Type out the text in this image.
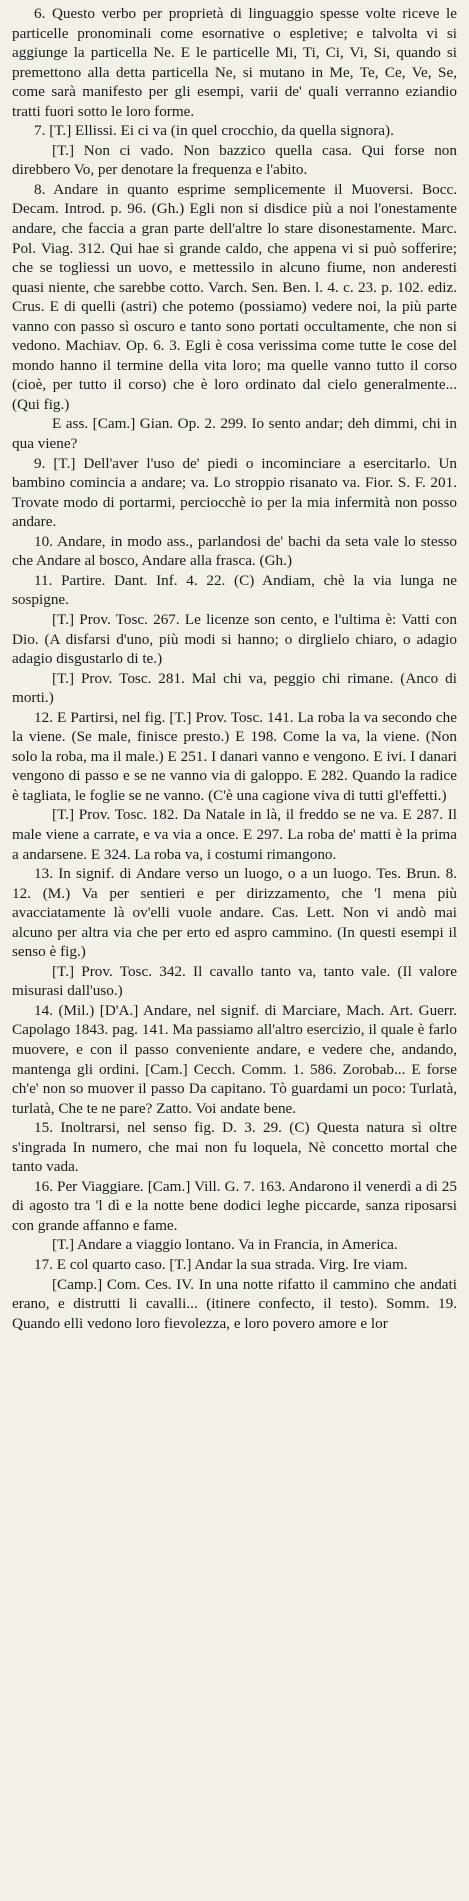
6. Questo verbo per proprietà di linguaggio spesse volte riceve le particelle pronominali come esornative o espletive; e talvolta vi si aggiunge la particella Ne. E le particelle Mi, Ti, Ci, Vi, Si, quando si premettono alla detta particella Ne, si mutano in Me, Te, Ce, Ve, Se, come sarà manifesto per gli esempi, varii de' quali verranno eziandio tratti fuori sotto le loro forme.

7. [T.] Ellissi. Ei ci va (in quel crocchio, da quella signora).

[T.] Non ci vado. Non bazzico quella casa. Qui forse non direbbero Vo, per denotare la frequenza e l'abito.

8. Andare in quanto esprime semplicemente il Muoversi. Bocc. Decam. Introd. p. 96. (Gh.) Egli non si disdice più a noi l'onestamente andare, che faccia a gran parte dell'altre lo stare disonestamente. Marc. Pol. Viag. 312. Qui hae sì grande caldo, che appena vi si può sofferire; che se togliessi un uovo, e mettessilo in alcuno fiume, non anderesti quasi niente, che sarebbe cotto. Varch. Sen. Ben. l. 4. c. 23. p. 102. ediz. Crus. E di quelli (astri) che potemo (possiamo) vedere noi, la più parte vanno con passo sì oscuro e tanto sono portati occultamente, che non si vedono. Machiav. Op. 6. 3. Egli è cosa verissima come tutte le cose del mondo hanno il termine della vita loro; ma quelle vanno tutto il corso (cioè, per tutto il corso) che è loro ordinato dal cielo generalmente... (Qui fig.)

E ass. [Cam.] Gian. Op. 2. 299. Io sento andar; deh dimmi, chi in qua viene?

9. [T.] Dell'aver l'uso de' piedi o incominciare a esercitarlo. Un bambino comincia a andare; va. Lo stroppio risanato va. Fior. S. F. 201. Trovate modo di portarmi, perciocchè io per la mia infermità non posso andare.

10. Andare, in modo ass., parlandosi de' bachi da seta vale lo stesso che Andare al bosco, Andare alla frasca. (Gh.)

11. Partire. Dant. Inf. 4. 22. (C) Andiam, chè la via lunga ne sospigne.

[T.] Prov. Tosc. 267. Le licenze son cento, e l'ultima è: Vatti con Dio. (A disfarsi d'uno, più modi si hanno; o dirglielo chiaro, o adagio adagio disgustarlo di te.)

[T.] Prov. Tosc. 281. Mal chi va, peggio chi rimane. (Anco di morti.)

12. E Partirsi, nel fig. [T.] Prov. Tosc. 141. La roba la va secondo che la viene. (Se male, finisce presto.) E 198. Come la va, la viene. (Non solo la roba, ma il male.) E 251. I danari vanno e vengono. E ivi. I danari vengono di passo e se ne vanno via di galoppo. E 282. Quando la radice è tagliata, le foglie se ne vanno. (C'è una cagione viva di tutti gl'effetti.)

[T.] Prov. Tosc. 182. Da Natale in là, il freddo se ne va. E 287. Il male viene a carrate, e va via a once. E 297. La roba de' matti è la prima a andarsene. E 324. La roba va, i costumi rimangono.

13. In signif. di Andare verso un luogo, o a un luogo. Tes. Brun. 8. 12. (M.) Va per sentieri e per dirizzamento, che 'l mena più avacciatamente là ov'elli vuole andare. Cas. Lett. Non vi andò mai alcuno per altra via che per erto ed aspro cammino. (In questi esempi il senso è fig.)

[T.] Prov. Tosc. 342. Il cavallo tanto va, tanto vale. (Il valore misurasi dall'uso.)

14. (Mil.) [D'A.] Andare, nel signif. di Marciare, Mach. Art. Guerr. Capolago 1843. pag. 141. Ma passiamo all'altro esercizio, il quale è farlo muovere, e con il passo conveniente andare, e vedere che, andando, mantenga gli ordini. [Cam.] Cecch. Comm. 1. 586. Zorobab... E forse ch'e' non so muover il passo Da capitano. Tò guardami un poco: Turlatà, turlatà, Che te ne pare? Zatto. Voi andate bene.

15. Inoltrarsi, nel senso fig. D. 3. 29. (C) Questa natura sì oltre s'ingrada In numero, che mai non fu loquela, Nè concetto mortal che tanto vada.

16. Per Viaggiare. [Cam.] Vill. G. 7. 163. Andarono il venerdì a dì 25 di agosto tra 'l dì e la notte bene dodici leghe piccarde, sanza riposarsi con grande affanno e fame.

[T.] Andare a viaggio lontano. Va in Francia, in America.

17. E col quarto caso. [T.] Andar la sua strada. Virg. Ire viam.

[Camp.] Com. Ces. IV. In una notte rifatto il cammino che andati erano, e distrutti li cavalli... (itinere confecto, il testo). Somm. 19. Quando elli vedono loro fievolezza, e loro povero amore e lor
